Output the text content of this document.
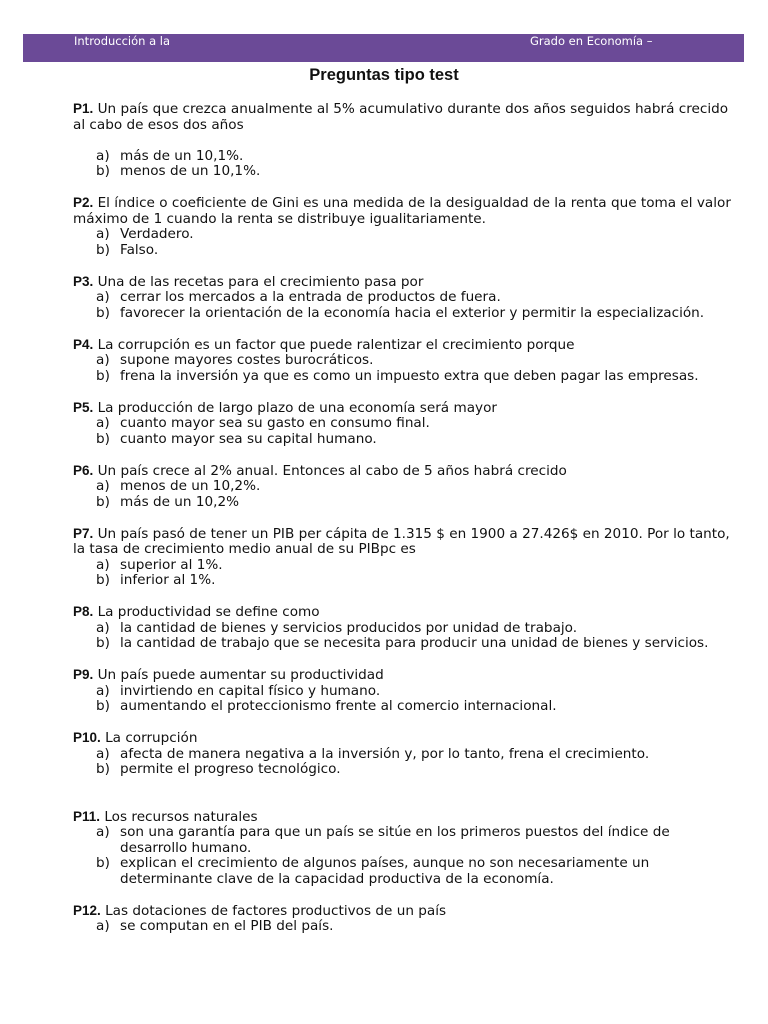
Introducción a la	Grado en Economía –
Preguntas tipo test

P1. Un país que crezca anualmente al 5% acumulativo durante dos años seguidos habrá crecido al cabo de esos dos años

a) más de un 10,1%.
b) menos de un 10,1%.

P2. El índice o coeficiente de Gini es una medida de la desigualdad de la renta que toma el valor máximo de 1 cuando la renta se distribuye igualitariamente.

a) Verdadero.
b) Falso.

P3. Una de las recetas para el crecimiento pasa por

a) cerrar los mercados a la entrada de productos de fuera.
b) favorecer la orientación de la economía hacia el exterior y permitir la especialización.

P4. La corrupción es un factor que puede ralentizar el crecimiento porque

a) supone mayores costes burocráticos.
b) frena la inversión ya que es como un impuesto extra que deben pagar las empresas.

P5. La producción de largo plazo de una economía será mayor

a) cuanto mayor sea su gasto en consumo final.
b) cuanto mayor sea su capital humano.

P6. Un país crece al 2% anual. Entonces al cabo de 5 años habrá crecido

a) menos de un 10,2%.
b) más de un 10,2%

P7. Un país pasó de tener un PIB per cápita de 1.315 $ en 1900 a 27.426$ en 2010. Por lo tanto, la tasa de crecimiento medio anual de su PIBpc es

a) superior al 1%.
b) inferior al 1%.

P8. La productividad se define como

a) la cantidad de bienes y servicios producidos por unidad de trabajo.
b) la cantidad de trabajo que se necesita para producir una unidad de bienes y servicios.

P9. Un país puede aumentar su productividad

a) invirtiendo en capital físico y humano.
b) aumentando el proteccionismo frente al comercio internacional.

P10. La corrupción

a) afecta de manera negativa a la inversión y, por lo tanto, frena el crecimiento.
b) permite el progreso tecnológico.

P11. Los recursos naturales

a) son una garantía para que un país se sitúe en los primeros puestos del índice de desarrollo humano.
b) explican el crecimiento de algunos países, aunque no son necesariamente un determinante clave de la capacidad productiva de la economía.

P12. Las dotaciones de factores productivos de un país

a) se computan en el PIB del país.
